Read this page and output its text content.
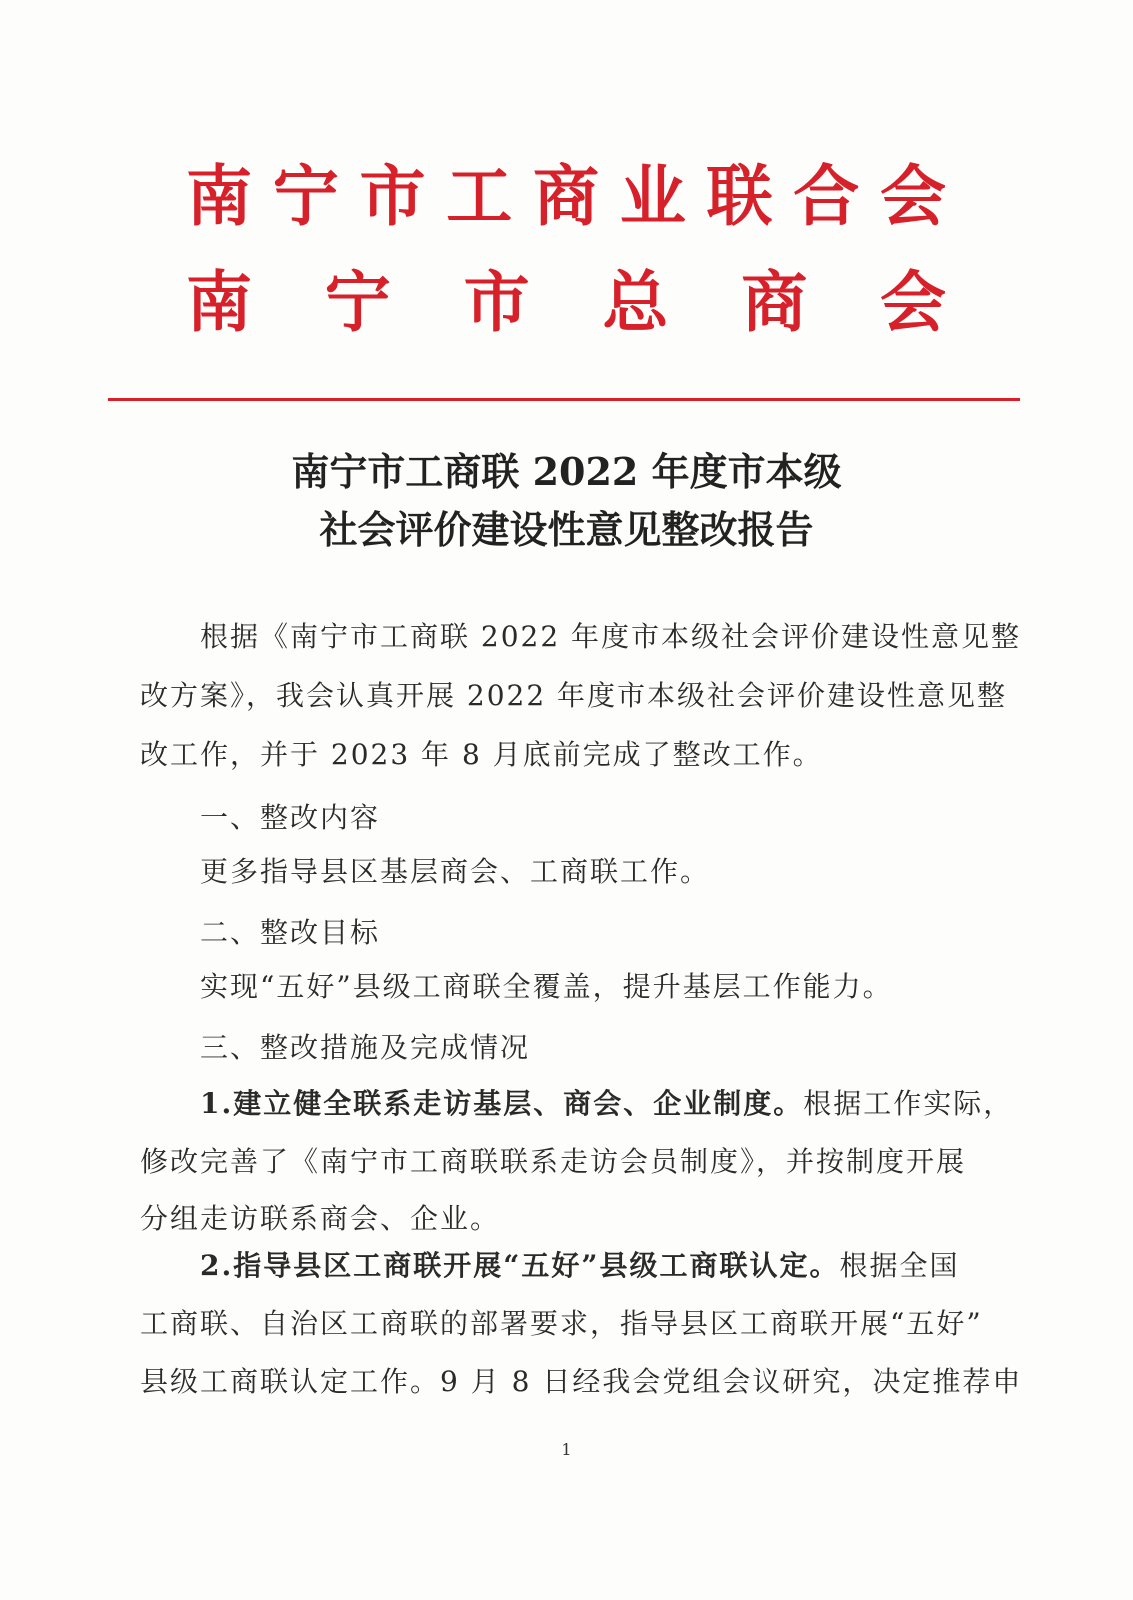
南 宁 市 工 商 业 联 合 会
南 宁 市 总 商 会
南宁市工商联 2022 年度市本级
社会评价建设性意见整改报告
根据《南宁市工商联 2022 年度市本级社会评价建设性意见整
改方案》，我会认真开展 2022 年度市本级社会评价建设性意见整
改工作，并于 2023 年 8 月底前完成了整改工作。
一、整改内容
更多指导县区基层商会、工商联工作。
二、整改目标
实现“五好”县级工商联全覆盖，提升基层工作能力。
三、整改措施及完成情况
1.建立健全联系走访基层、商会、企业制度。根据工作实际，
修改完善了《南宁市工商联联系走访会员制度》，并按制度开展
分组走访联系商会、企业。
2.指导县区工商联开展“五好”县级工商联认定。根据全国
工商联、自治区工商联的部署要求，指导县区工商联开展“五好”
县级工商联认定工作。9 月 8 日经我会党组会议研究，决定推荐申
1
